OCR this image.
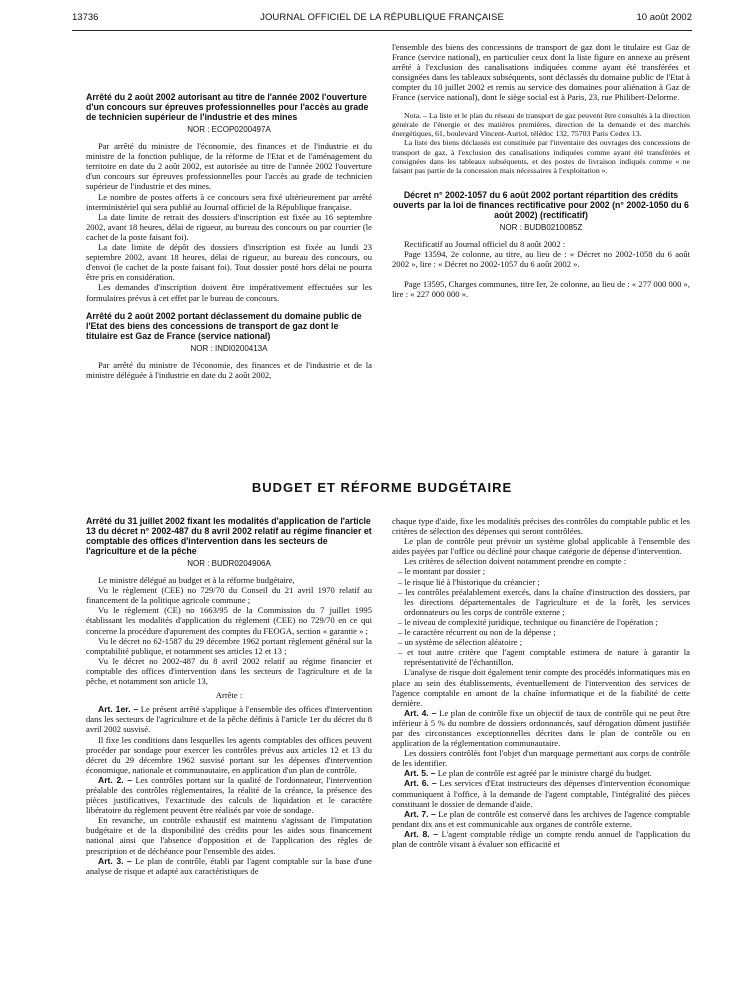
13736	JOURNAL OFFICIEL DE LA RÉPUBLIQUE FRANÇAISE	10 août 2002
Arrêté du 2 août 2002 autorisant au titre de l'année 2002 l'ouverture d'un concours sur épreuves professionnelles pour l'accès au grade de technicien supérieur de l'industrie et des mines
NOR : ECOP0200497A

Par arrêté du ministre de l'économie, des finances et de l'industrie et du ministre de la fonction publique, de la réforme de l'Etat et de l'aménagement du territoire en date du 2 août 2002, est autorisée au titre de l'année 2002 l'ouverture d'un concours sur épreuves professionnelles pour l'accès au grade de technicien supérieur de l'industrie et des mines.

Le nombre de postes offerts à ce concours sera fixé ultérieurement par arrêté interministériel qui sera publié au Journal officiel de la République française.

La date limite de retrait des dossiers d'inscription est fixée au 16 septembre 2002, avant 18 heures, délai de rigueur, au bureau des concours ou par courrier (le cachet de la poste faisant foi).

La date limite de dépôt des dossiers d'inscription est fixée au lundi 23 septembre 2002, avant 18 heures, délai de rigueur, au bureau des concours, ou d'envoi (le cachet de la poste faisant foi). Tout dossier posté hors délai ne pourra être pris en considération.

Les demandes d'inscription doivent être impérativement effectuées sur les formulaires prévus à cet effet par le bureau de concours.

Arrêté du 2 août 2002 portant déclassement du domaine public de l'Etat des biens des concessions de transport de gaz dont le titulaire est Gaz de France (service national)
NOR : INDI0200413A

Par arrêté du ministre de l'économie, des finances et de l'industrie et de la ministre déléguée à l'industrie en date du 2 août 2002,

l'ensemble des biens des concessions de transport de gaz dont le titulaire est Gaz de France (service national), en particulier ceux dont la liste figure en annexe au présent arrêté à l'exclusion des canalisations indiquées comme ayant été transférées et consignées dans les tableaux subséquents, sont déclassés du domaine public de l'Etat à compter du 10 juillet 2002 et remis au service des domaines pour aliénation à Gaz de France (service national), dont le siège social est à Paris, 23, rue Philibert-Delorme.

Nota. – La liste et le plan du réseau de transport de gaz peuvent être consultés à la direction générale de l'énergie et des matières premières, direction de la demande et des marchés énergétiques, 61, boulevard Vincent-Auriol, télédoc 132, 75703 Paris Cedex 13.

La liste des biens déclassés est constituée par l'inventaire des ouvrages des concessions de transport de gaz, à l'exclusion des canalisations indiquées comme ayant été transférées et consignées dans les tableaux subséquents, et des postes de livraison indiqués comme « ne faisant pas partie de la concession mais nécessaires à l'exploitation ».

Décret n° 2002-1057 du 6 août 2002 portant répartition des crédits ouverts par la loi de finances rectificative pour 2002 (n° 2002-1050 du 6 août 2002) (rectificatif)
NOR : BUDB0210085Z

Rectificatif au Journal officiel du 8 août 2002 :

Page 13594, 2e colonne, au titre, au lieu de : « Décret no 2002-1058 du 6 août 2002 », lire : « Décret no 2002-1057 du 6 août 2002 ».

Page 13595, Charges communes, titre Ier, 2e colonne, au lieu de : « 277 000 000 », lire : « 227 000 000 ».

BUDGET ET RÉFORME BUDGÉTAIRE
Arrêté du 31 juillet 2002 fixant les modalités d'application de l'article 13 du décret n° 2002-487 du 8 avril 2002 relatif au régime financier et comptable des offices d'intervention dans les secteurs de l'agriculture et de la pêche
NOR : BUDR0204906A

Le ministre délégué au budget et à la réforme budgétaire,

Vu le règlement (CEE) no 729/70 du Conseil du 21 avril 1970 relatif au financement de la politique agricole commune ;

Vu le règlement (CE) no 1663/95 de la Commission du 7 juillet 1995 établissant les modalités d'application du règlement (CEE) no 729/70 en ce qui concerne la procédure d'apurement des comptes du FEOGA, section « garantie » ;

Vu le décret no 62-1587 du 29 décembre 1962 portant règlement général sur la comptabilité publique, et notamment ses articles 12 et 13 ;

Vu le décret no 2002-487 du 8 avril 2002 relatif au régime financier et comptable des offices d'intervention dans les secteurs de l'agriculture et de la pêche, et notamment son article 13,

Arrête :

Art. 1er. – Le présent arrêté s'applique à l'ensemble des offices d'intervention dans les secteurs de l'agriculture et de la pêche définis à l'article 1er du décret du 8 avril 2002 susvisé.

Il fixe les conditions dans lesquelles les agents comptables des offices peuvent procéder par sondage pour exercer les contrôles prévus aux articles 12 et 13 du décret du 29 décembre 1962 susvisé portant sur les dépenses d'intervention économique, nationale et communautaire, en application d'un plan de contrôle.

Art. 2. – Les contrôles portant sur la qualité de l'ordonnateur, l'intervention préalable des contrôles réglementaires, la réalité de la créance, la présence des pièces justificatives, l'exactitude des calculs de liquidation et le caractère libératoire du règlement peuvent être réalisés par voie de sondage.

En revanche, un contrôle exhaustif est maintenu s'agissant de l'imputation budgétaire et de la disponibilité des crédits pour les aides sous financement national ainsi que l'absence d'opposition et de l'application des règles de prescription et de déchéance pour l'ensemble des aides.

Art. 3. – Le plan de contrôle, établi par l'agent comptable sur la base d'une analyse de risque et adapté aux caractéristiques de

chaque type d'aide, fixe les modalités précises des contrôles du comptable public et les critères de sélection des dépenses qui seront contrôlées.

Le plan de contrôle peut prévoir un système global applicable à l'ensemble des aides payées par l'office ou décliné pour chaque catégorie de dépense d'intervention.

Les critères de sélection doivent notamment prendre en compte :

– le montant par dossier ;
– le risque lié à l'historique du créancier ;
– les contrôles préalablement exercés, dans la chaîne d'instruction des dossiers, par les directions départementales de l'agriculture et de la forêt, les services ordonnateurs ou les corps de contrôle externe ;
– le niveau de complexité juridique, technique ou financière de l'opération ;
– le caractère récurrent ou non de la dépense ;
– un système de sélection aléatoire ;
– et tout autre critère que l'agent comptable estimera de nature à garantir la représentativité de l'échantillon.

L'analyse de risque doit également tenir compte des procédés informatiques mis en place au sein des établissements, éventuellement de l'intervention des services de l'agence comptable en amont de la chaîne informatique et de la fiabilité de cette dernière.

Art. 4. – Le plan de contrôle fixe un objectif de taux de contrôle qui ne peut être inférieur à 5 % du nombre de dossiers ordonnancés, sauf dérogation dûment justifiée par des circonstances exceptionnelles décrites dans le plan de contrôle ou en application de la réglementation communautaire.

Les dossiers contrôlés font l'objet d'un marquage permettant aux corps de contrôle de les identifier.

Art. 5. – Le plan de contrôle est agréé par le ministre chargé du budget.

Art. 6. – Les services d'Etat instructeurs des dépenses d'intervention économique communiquent à l'office, à la demande de l'agent comptable, l'intégralité des pièces constituant le dossier de demande d'aide.

Art. 7. – Le plan de contrôle est conservé dans les archives de l'agence comptable pendant dix ans et est communicable aux organes de contrôle externe.

Art. 8. – L'agent comptable rédige un compte rendu annuel de l'application du plan de contrôle visant à évaluer son efficacité et
